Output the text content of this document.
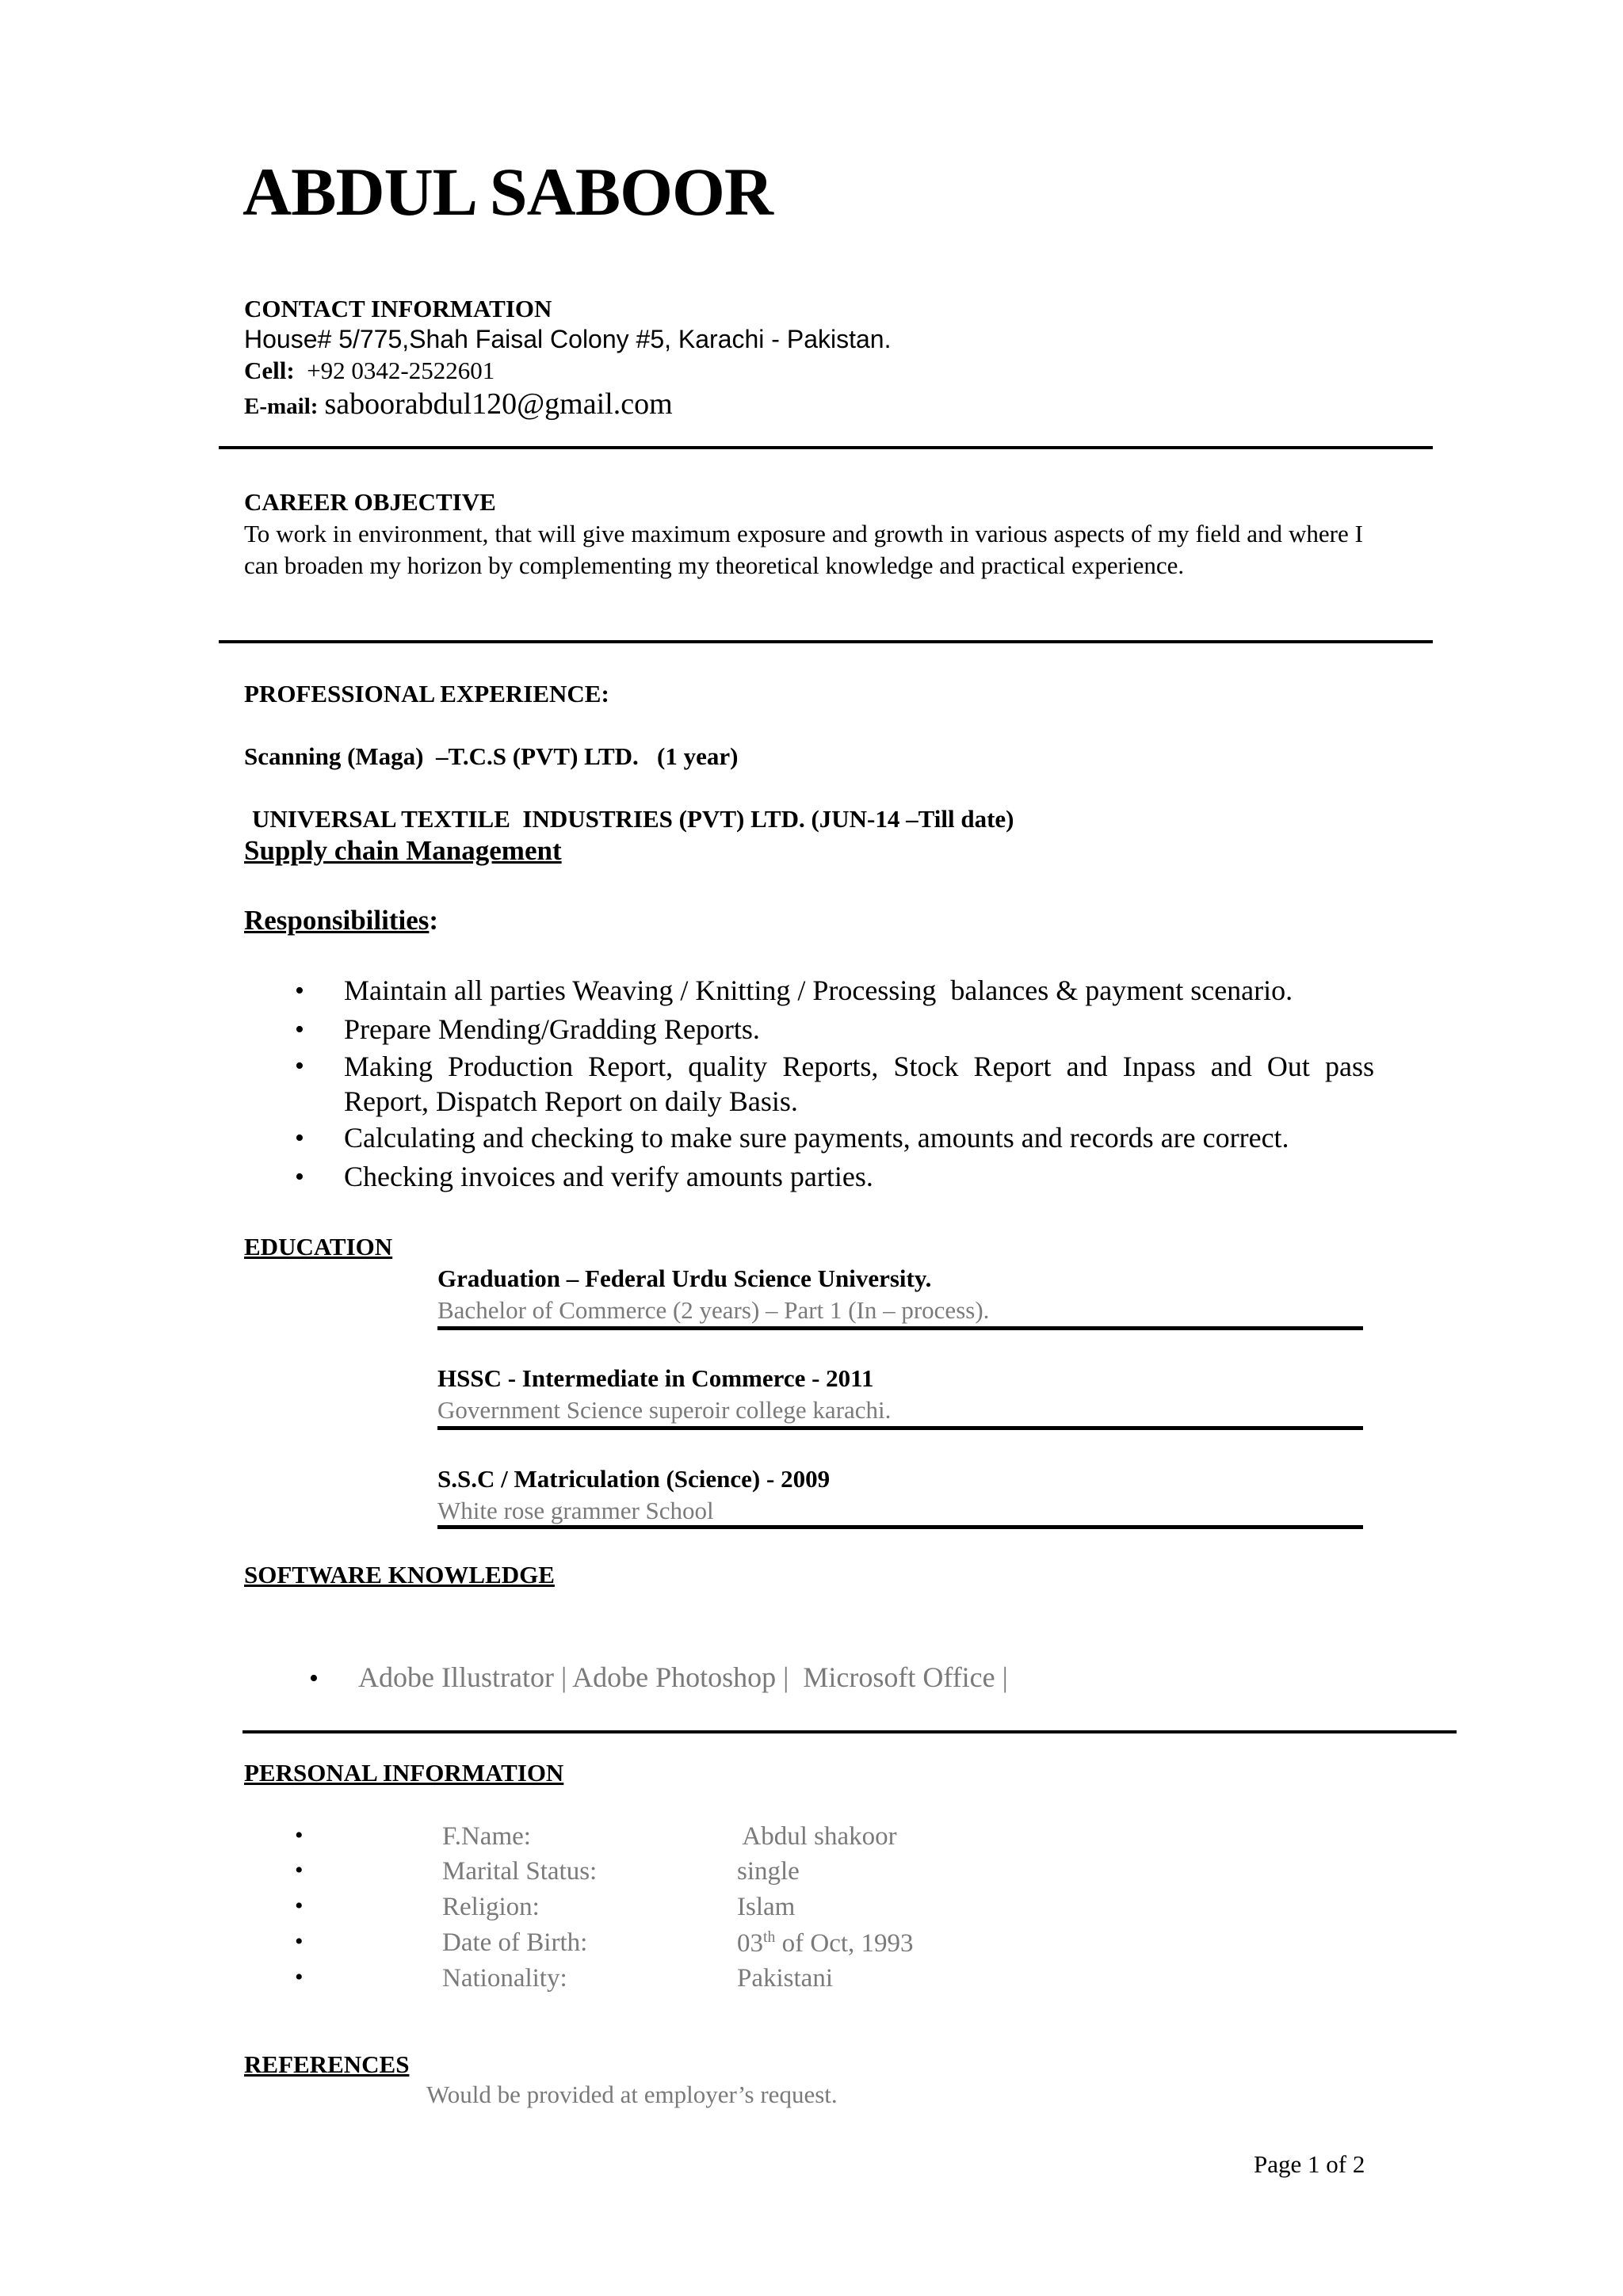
ABDUL SABOOR
CONTACT INFORMATION
House# 5/775,Shah Faisal Colony #5, Karachi - Pakistan.
Cell: +92 0342-2522601
E-mail: saboorabdul120@gmail.com
CAREER OBJECTIVE
To work in environment, that will give maximum exposure and growth in various aspects of my field and where I can broaden my horizon by complementing my theoretical knowledge and practical experience.
PROFESSIONAL EXPERIENCE:
Scanning (Maga)  –T.C.S (PVT) LTD.   (1 year)
UNIVERSAL TEXTILE  INDUSTRIES (PVT) LTD. (JUN-14 –Till date)
Supply chain Management
Responsibilities:
• Maintain all parties Weaving / Knitting / Processing  balances & payment scenario.
• Prepare Mending/Gradding Reports.
• Making Production Report, quality Reports, Stock Report and Inpass and Out pass Report, Dispatch Report on daily Basis.
• Calculating and checking to make sure payments, amounts and records are correct.
• Checking invoices and verify amounts parties.
EDUCATION
Graduation – Federal Urdu Science University.
Bachelor of Commerce (2 years) – Part 1 (In – process).
HSSC - Intermediate in Commerce - 2011
Government Science superoir college karachi.
S.S.C / Matriculation (Science) - 2009
White rose grammer School
SOFTWARE KNOWLEDGE

• Adobe Illustrator | Adobe Photoshop |  Microsoft Office |

PERSONAL INFORMATION
•	F.Name:	Abdul shakoor
•	Marital Status:	single
•	Religion:	Islam
•	Date of Birth:	03th of Oct, 1993
•	Nationality:	Pakistani
REFERENCES
Would be provided at employer’s request.
Page 1 of 2
